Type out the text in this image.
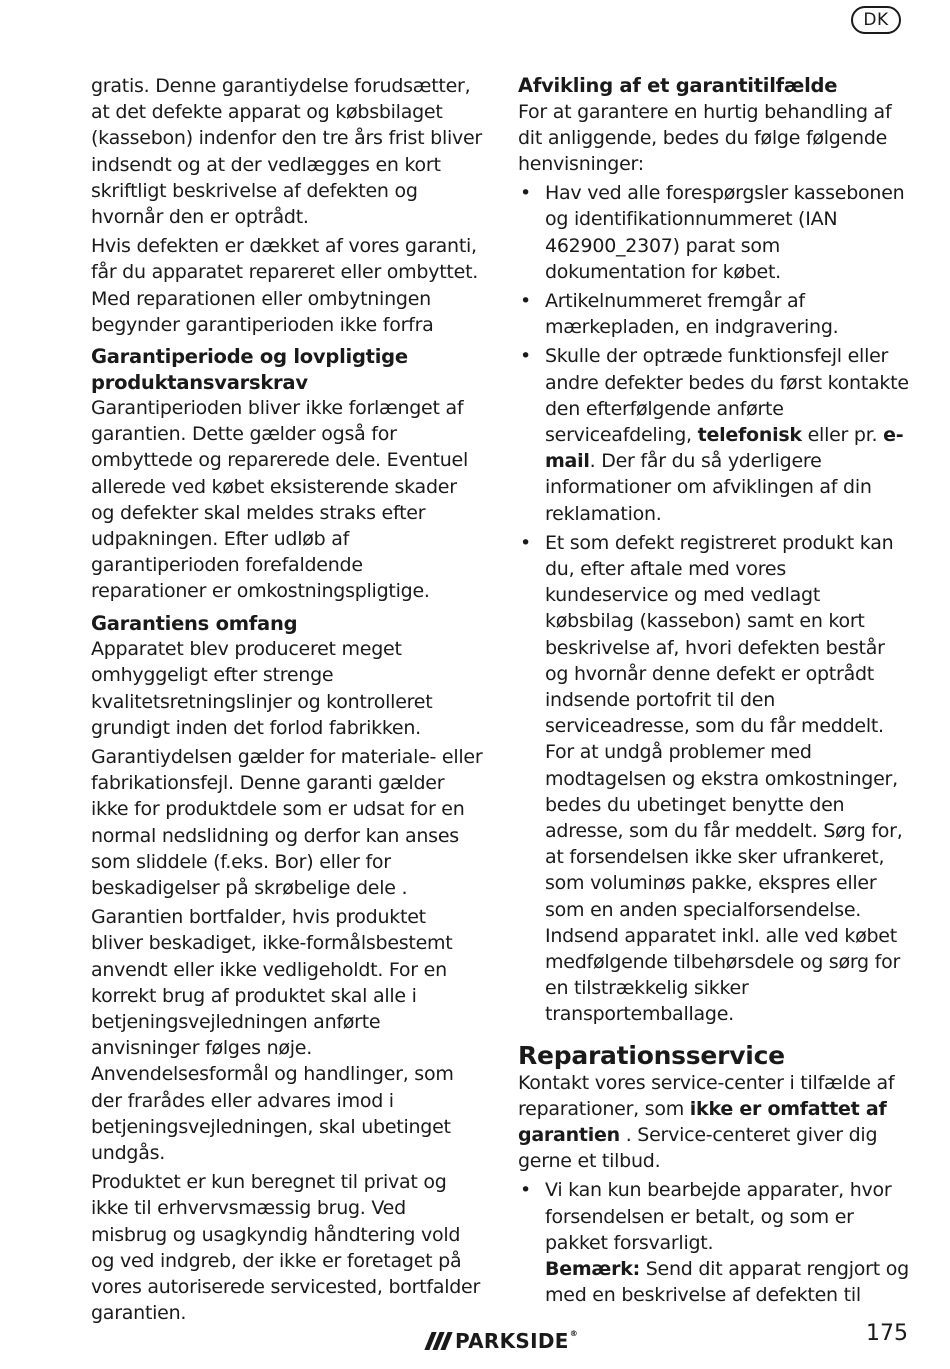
DK

gratis. Denne garantiydelse forudsætter, at det defekte apparat og købsbilaget (kassebon) indenfor den tre års frist bliver indsendt og at der vedlægges en kort skriftligt beskrivelse af defekten og hvornår den er optrådt.

Hvis defekten er dækket af vores garanti, får du apparatet repareret eller ombyttet. Med reparationen eller ombytningen begynder garantiperioden ikke forfra

Garantiperiode og lovpligtige produktansvarskrav

Garantiperioden bliver ikke forlænget af garantien. Dette gælder også for ombyttede og reparerede dele. Eventuel allerede ved købet eksisterende skader og defekter skal meldes straks efter udpakningen. Efter udløb af garantiperioden forefaldende reparationer er omkostningspligtige.

Garantiens omfang

Apparatet blev produceret meget omhyggeligt efter strenge kvalitetsretningslinjer og kontrolleret grundigt inden det forlod fabrikken.

Garantiydelsen gælder for materiale- eller fabrikationsfejl. Denne garanti gælder ikke for produktdele som er udsat for en normal nedslidning og derfor kan anses som sliddele (f.eks. Bor) eller for beskadigelser på skrøbelige dele .

Garantien bortfalder, hvis produktet bliver beskadiget, ikke-formålsbestemt anvendt eller ikke vedligeholdt. For en korrekt brug af produktet skal alle i betjeningsvejledningen anførte anvisninger følges nøje. Anvendelsesformål og handlinger, som der frarådes eller advares imod i betjeningsvejledningen, skal ubetinget undgås.

Produktet er kun beregnet til privat og ikke til erhvervsmæssig brug. Ved misbrug og usagkyndig håndtering vold og ved indgreb, der ikke er foretaget på vores autoriserede servicested, bortfalder garantien.

Afvikling af et garantitilfælde

For at garantere en hurtig behandling af dit anliggende, bedes du følge følgende henvisninger:

• Hav ved alle forespørgsler kassebonen og identifikationnummeret (IAN 462900_2307) parat som dokumentation for købet.
• Artikelnummeret fremgår af mærkepladen, en indgravering.
• Skulle der optræde funktionsfejl eller andre defekter bedes du først kontakte den efterfølgende anførte serviceafdeling, telefonisk eller pr. e-mail. Der får du så yderligere informationer om afviklingen af din reklamation.
• Et som defekt registreret produkt kan du, efter aftale med vores kundeservice og med vedlagt købsbilag (kassebon) samt en kort beskrivelse af, hvori defekten består og hvornår denne defekt er optrådt indsende portofrit til den serviceadresse, som du får meddelt. For at undgå problemer med modtagelsen og ekstra omkostninger, bedes du ubetinget benytte den adresse, som du får meddelt. Sørg for, at forsendelsen ikke sker ufrankeret, som voluminøs pakke, ekspres eller som en anden specialforsendelse. Indsend apparatet inkl. alle ved købet medfølgende tilbehørsdele og sørg for en tilstrækkelig sikker transportemballage.
Reparationsservice

Kontakt vores service-center i tilfælde af reparationer, som ikke er omfattet af garantien . Service-centeret giver dig gerne et tilbud.

• Vi kan kun bearbejde apparater, hvor forsendelsen er betalt, og som er pakket forsvarligt.
Bemærk: Send dit apparat rengjort og med en beskrivelse af defekten til
PARKSIDE®	175
